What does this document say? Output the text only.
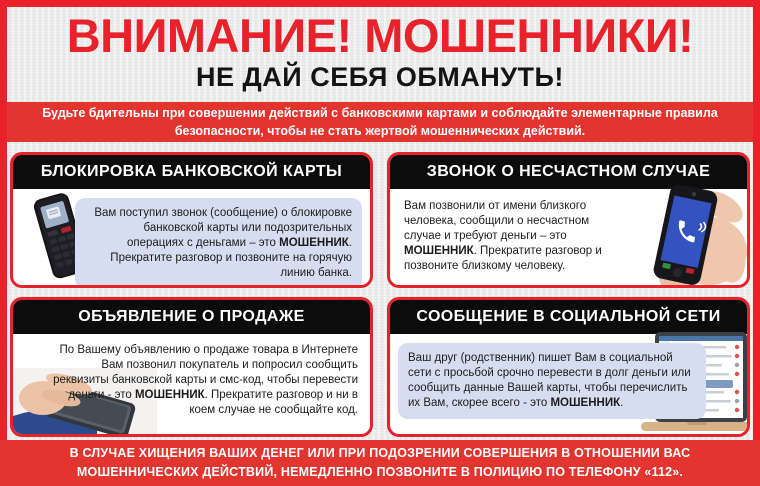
ВНИМАНИЕ! МОШЕННИКИ!
НЕ ДАЙ СЕБЯ ОБМАНУТЬ!
Будьте бдительны при совершении действий с банковскими картами и соблюдайте элементарные правила безопасности, чтобы не стать жертвой мошеннических действий.
БЛОКИРОВКА БАНКОВСКОЙ КАРТЫ
Вам поступил звонок (сообщение) о блокировке банковской карты или подозрительных операциях с деньгами – это МОШЕННИК. Прекратите разговор и позвоните на горячую линию банка.
ЗВОНОК О НЕСЧАСТНОМ СЛУЧАЕ
Вам позвонили от имени близкого человека, сообщили о несчастном случае и требуют деньги – это МОШЕННИК. Прекратите разговор и позвоните близкому человеку.
ОБЪЯВЛЕНИЕ О ПРОДАЖЕ
По Вашему объявлению о продаже товара в Интернете Вам позвонил покупатель и попросил сообщить реквизиты банковской карты и смс-код, чтобы перевести деньги - это МОШЕННИК. Прекратите разговор и ни в коем случае не сообщайте код.
СООБЩЕНИЕ В СОЦИАЛЬНОЙ СЕТИ
Ваш друг (родственник) пишет Вам в социальной сети с просьбой срочно перевести в долг деньги или сообщить данные Вашей карты, чтобы перечислить их Вам, скорее всего - это МОШЕННИК.
В СЛУЧАЕ ХИЩЕНИЯ ВАШИХ ДЕНЕГ ИЛИ ПРИ ПОДОЗРЕНИИ СОВЕРШЕНИЯ В ОТНОШЕНИИ ВАС МОШЕННИЧЕСКИХ ДЕЙСТВИЙ, НЕМЕДЛЕННО ПОЗВОНИТЕ В ПОЛИЦИЮ ПО ТЕЛЕФОНУ «112».
